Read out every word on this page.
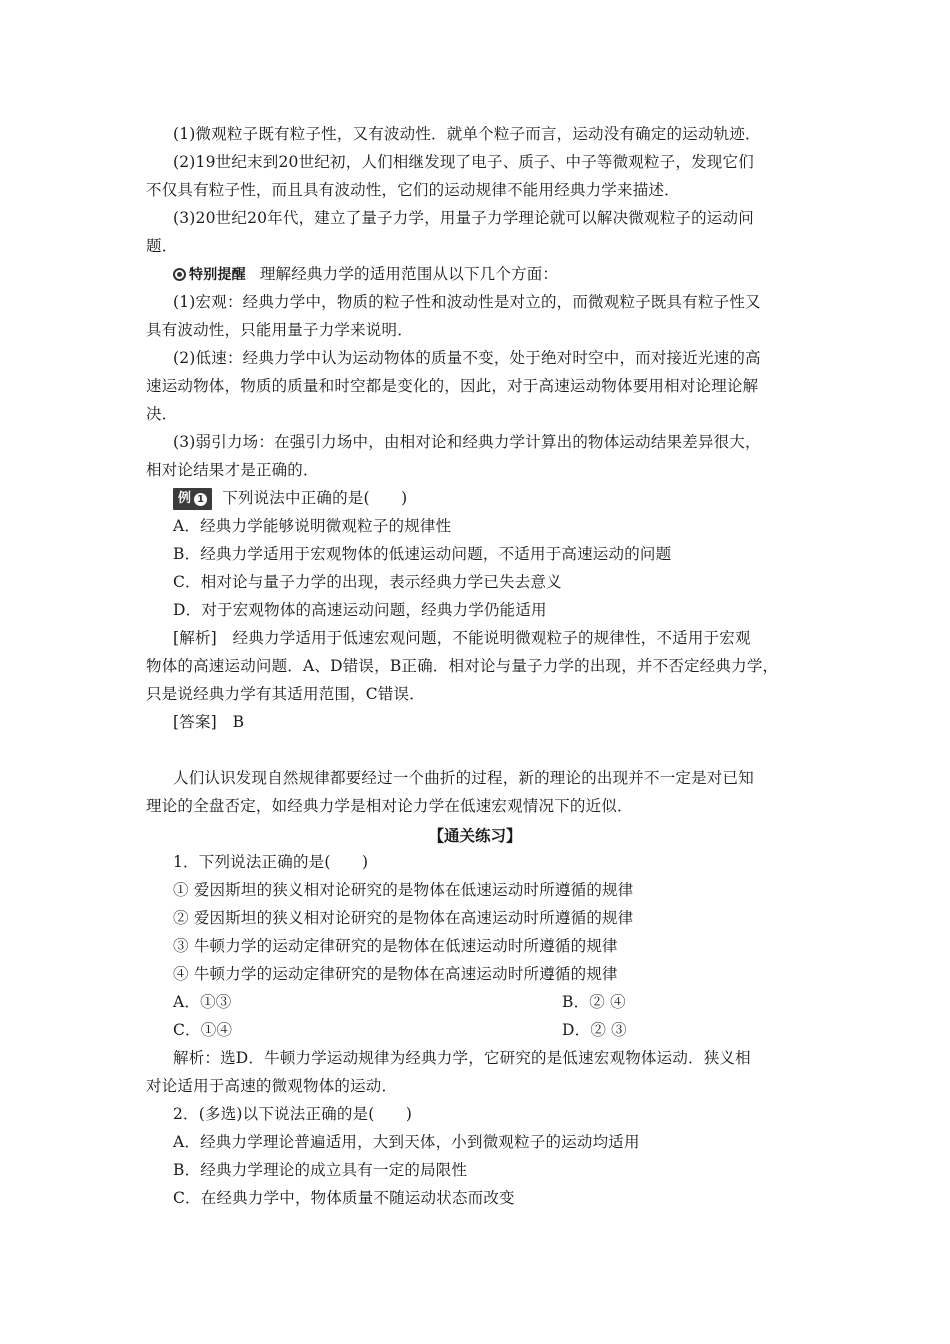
(1)微观粒子既有粒子性，又有波动性．就单个粒子而言，运动没有确定的运动轨迹．
(2)19世纪末到20世纪初，人们相继发现了电子、质子、中子等微观粒子，发现它们
不仅具有粒子性，而且具有波动性，它们的运动规律不能用经典力学来描述．
(3)20世纪20年代，建立了量子力学，用量子力学理论就可以解决微观粒子的运动问
题．
特别提醒 理解经典力学的适用范围从以下几个方面：
(1)宏观：经典力学中，物质的粒子性和波动性是对立的，而微观粒子既具有粒子性又
具有波动性，只能用量子力学来说明．
(2)低速：经典力学中认为运动物体的质量不变，处于绝对时空中，而对接近光速的高
速运动物体，物质的质量和时空都是变化的，因此，对于高速运动物体要用相对论理论解
决．
(3)弱引力场：在强引力场中，由相对论和经典力学计算出的物体运动结果差异很大，
相对论结果才是正确的．
例 1 下列说法中正确的是(　　)
A．经典力学能够说明微观粒子的规律性
B．经典力学适用于宏观物体的低速运动问题，不适用于高速运动的问题
C．相对论与量子力学的出现，表示经典力学已失去意义
D．对于宏观物体的高速运动问题，经典力学仍能适用
[解析]　经典力学适用于低速宏观问题，不能说明微观粒子的规律性，不适用于宏观
物体的高速运动问题．A、D错误，B正确．相对论与量子力学的出现，并不否定经典力学，
只是说经典力学有其适用范围，C错误．
[答案]　B
人们认识发现自然规律都要经过一个曲折的过程，新的理论的出现并不一定是对已知
理论的全盘否定，如经典力学是相对论力学在低速宏观情况下的近似．
【通关练习】
1．下列说法正确的是(　　)
① 爱因斯坦的狭义相对论研究的是物体在低速运动时所遵循的规律
② 爱因斯坦的狭义相对论研究的是物体在高速运动时所遵循的规律
③ 牛顿力学的运动定律研究的是物体在低速运动时所遵循的规律
④ 牛顿力学的运动定律研究的是物体在高速运动时所遵循的规律
A．①③	B．② ④
C．①④	D．② ③
解析：选D．牛顿力学运动规律为经典力学，它研究的是低速宏观物体运动．狭义相
对论适用于高速的微观物体的运动．
2．(多选)以下说法正确的是(　　)
A．经典力学理论普遍适用，大到天体，小到微观粒子的运动均适用
B．经典力学理论的成立具有一定的局限性
C．在经典力学中，物体质量不随运动状态而改变
